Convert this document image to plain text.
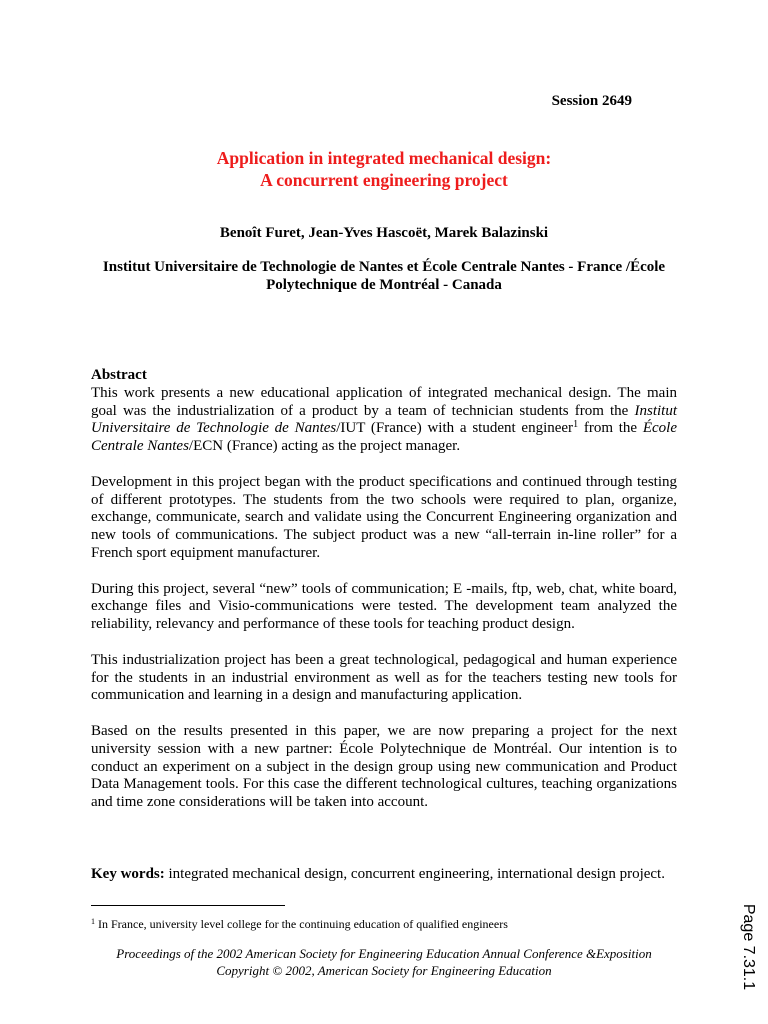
Session 2649
Application in integrated mechanical design:
A concurrent engineering project
Benoît Furet, Jean-Yves Hascoët, Marek Balazinski
Institut Universitaire de Technologie de Nantes et École Centrale Nantes - France /École
Polytechnique de Montréal - Canada
Abstract
This work presents a new educational application of integrated mechanical design. The main
goal was the industrialization of a product by a team of technician students from the Institut
Universitaire de Technologie de Nantes/IUT (France) with a student engineer$^1$ from the École
Centrale Nantes/ECN (France) acting as the project manager.
Development in this project began with the product specifications and continued through testing
of different prototypes. The students from the two schools were required to plan, organize,
exchange, communicate, search and validate using the Concurrent Engineering organization and
new tools of communications. The subject product was a new “all-terrain in-line roller” for a
French sport equipment manufacturer.
During this project, several “new” tools of communication; E -mails, ftp, web, chat, white board,
exchange files and Visio-communications were tested. The development team analyzed the
reliability, relevancy and performance of these tools for teaching product design.
This industrialization project has been a great technological, pedagogical and human experience
for the students in an industrial environment as well as for the teachers testing new tools for
communication and learning in a design and manufacturing application.
Based on the results presented in this paper, we are now preparing a project for the next
university session with a new partner: École Polytechnique de Montréal. Our intention is to
conduct an experiment on a subject in the design group using new communication and Product
Data Management tools. For this case the different technological cultures, teaching organizations
and time zone considerations will be taken into account.
Key words: integrated mechanical design, concurrent engineering, international design project.
$^1$ In France, university level college for the continuing education of qualified engineers
Proceedings of the 2002 American Society for Engineering Education Annual Conference &Exposition
Copyright © 2002, American Society for Engineering Education	Page 7.31.1
